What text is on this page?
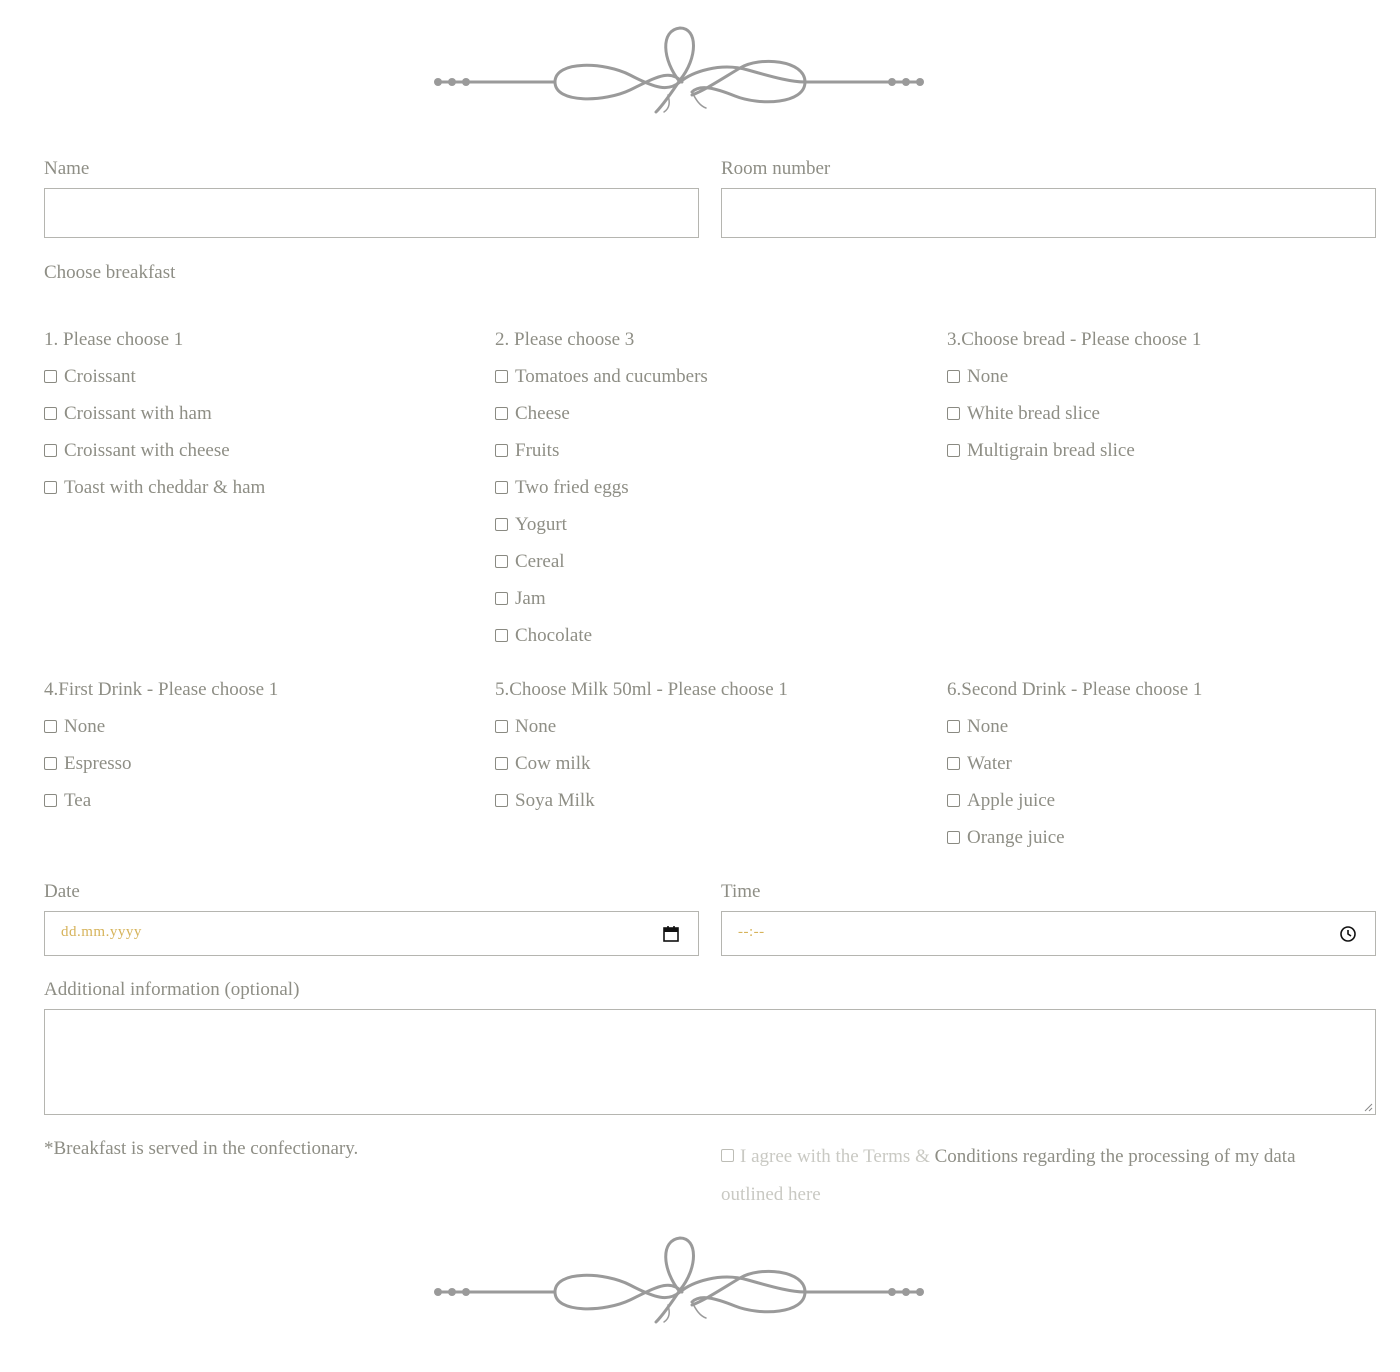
Name	Room number
Choose breakfast
1. Please choose 1
Croissant
Croissant with ham
Croissant with cheese
Toast with cheddar & ham
2. Please choose 3
Tomatoes and cucumbers
Cheese
Fruits
Two fried eggs
Yogurt
Cereal
Jam
Chocolate
3.Choose bread - Please choose 1
None
White bread slice
Multigrain bread slice
4.First Drink - Please choose 1
None
Espresso
Tea
5.Choose Milk 50ml - Please choose 1
None
Cow milk
Soya Milk
6.Second Drink - Please choose 1
None
Water
Apple juice
Orange juice
Date
dd.mm.yyyy
Time
--:--
Additional information (optional)
*Breakfast is served in the confectionary.	I agree with the Terms & Conditions regarding the processing of my data
outlined here
